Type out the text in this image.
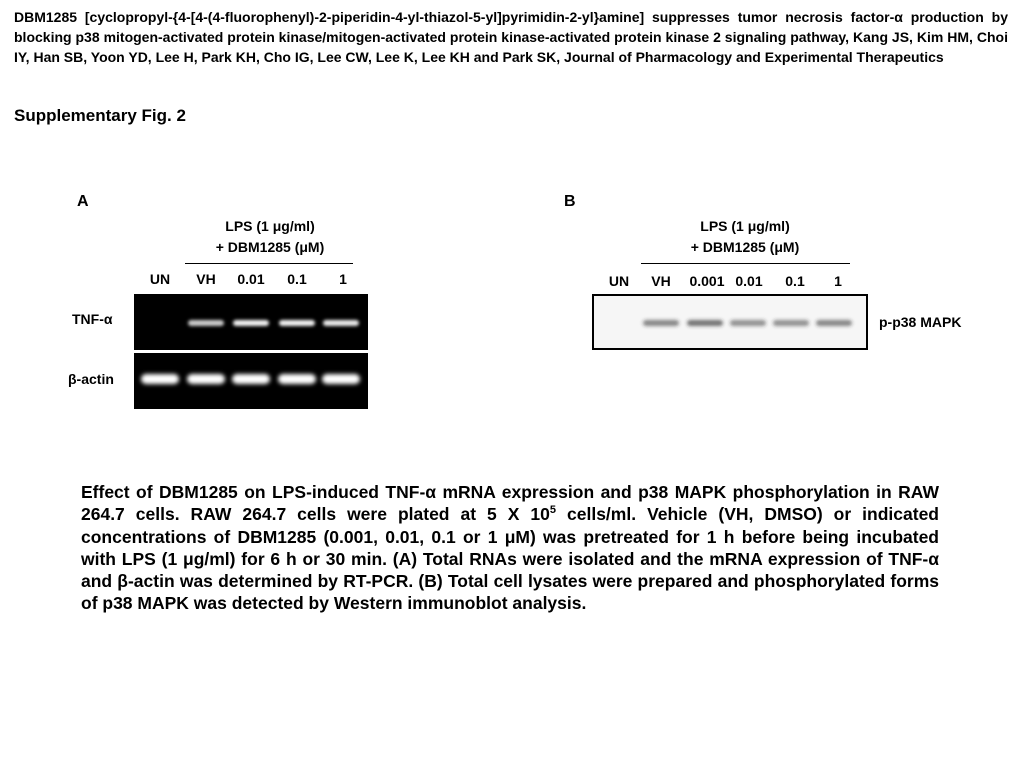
DBM1285 [cyclopropyl-{4-[4-(4-fluorophenyl)-2-piperidin-4-yl-thiazol-5-yl]pyrimidin-2-yl}amine] suppresses tumor necrosis factor-α production by blocking p38 mitogen-activated protein kinase/mitogen-activated protein kinase-activated protein kinase 2 signaling pathway, Kang JS, Kim HM, Choi IY, Han SB, Yoon YD, Lee H, Park KH, Cho IG, Lee CW, Lee K, Lee KH and Park SK, Journal of Pharmacology and Experimental Therapeutics
Supplementary Fig. 2
A
LPS (1 μg/ml)
+ DBM1285 (μM)
UN	VH	0.01	0.1	1
TNF-α
β-actin
B
LPS (1 μg/ml)
+ DBM1285 (μM)
UN	VH	0.001 0.01	0.1	1
p-p38 MAPK
Effect of DBM1285 on LPS-induced TNF-α mRNA expression and p38 MAPK phosphorylation in RAW 264.7 cells. RAW 264.7 cells were plated at 5 X $10^5$ cells/ml. Vehicle (VH, DMSO) or indicated concentrations of DBM1285 (0.001, 0.01, 0.1 or 1 μM) was pretreated for 1 h before being incubated with LPS (1 μg/ml) for 6 h or 30 min. (A) Total RNAs were isolated and the mRNA expression of TNF-α and β-actin was determined by RT-PCR. (B) Total cell lysates were prepared and phosphorylated forms of p38 MAPK was detected by Western immunoblot analysis.
